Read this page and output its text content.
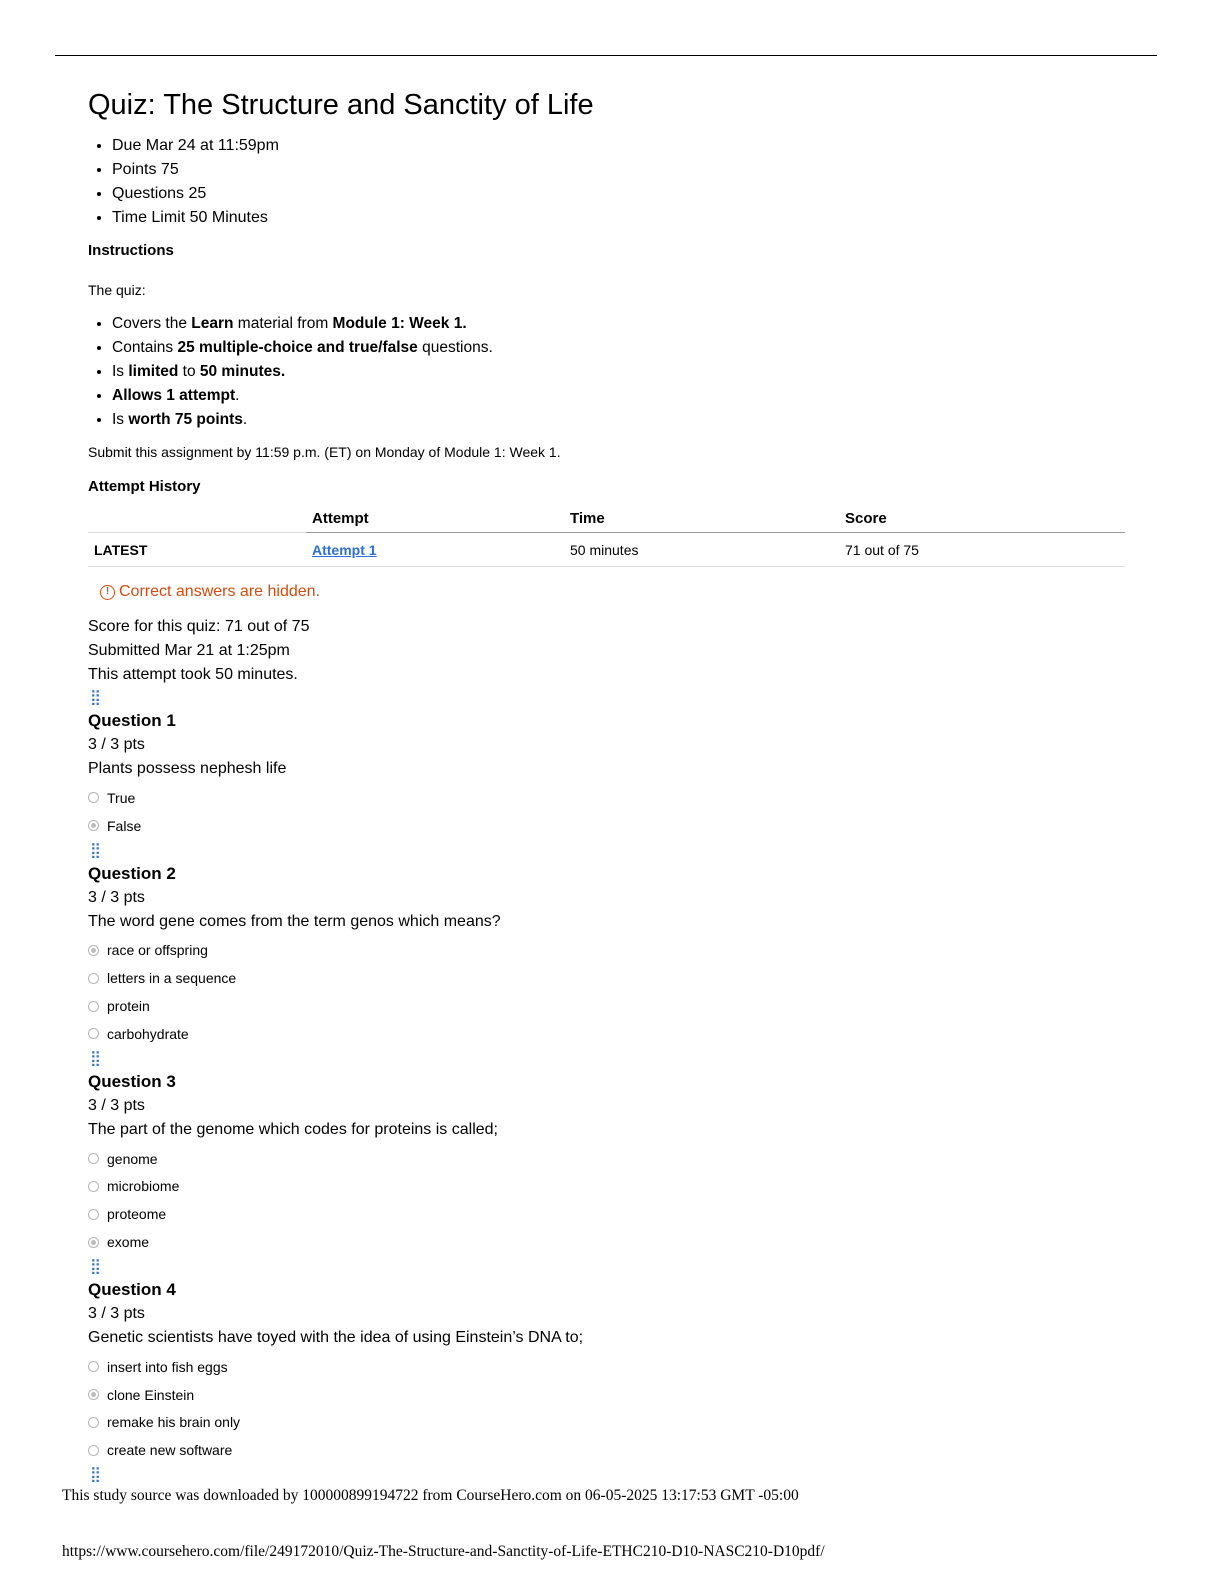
Quiz: The Structure and Sanctity of Life
• Due Mar 24 at 11:59pm
• Points 75
• Questions 25
• Time Limit 50 Minutes
Instructions
The quiz:
• Covers the Learn material from Module 1: Week 1.
• Contains 25 multiple-choice and true/false questions.
• Is limited to 50 minutes.
• Allows 1 attempt.
• Is worth 75 points.
Submit this assignment by 11:59 p.m. (ET) on Monday of Module 1: Week 1.
Attempt History
	Attempt	Time	Score
LATEST	Attempt 1	50 minutes	71 out of 75
! Correct answers are hidden.
Score for this quiz: 71 out of 75
Submitted Mar 21 at 1:25pm
This attempt took 50 minutes.
⣿
Question 1
3 / 3 pts
Plants possess nephesh life
True
False
⣿
Question 2
3 / 3 pts
The word gene comes from the term genos which means?
race or offspring
letters in a sequence
protein
carbohydrate
⣿
Question 3
3 / 3 pts
The part of the genome which codes for proteins is called;
genome
microbiome
proteome
exome
⣿
Question 4
3 / 3 pts
Genetic scientists have toyed with the idea of using Einstein’s DNA to;
insert into fish eggs
clone Einstein
remake his brain only
create new software
⣿
This study source was downloaded by 100000899194722 from CourseHero.com on 06-05-2025 13:17:53 GMT -05:00
https://www.coursehero.com/file/249172010/Quiz-The-Structure-and-Sanctity-of-Life-ETHC210-D10-NASC210-D10pdf/
